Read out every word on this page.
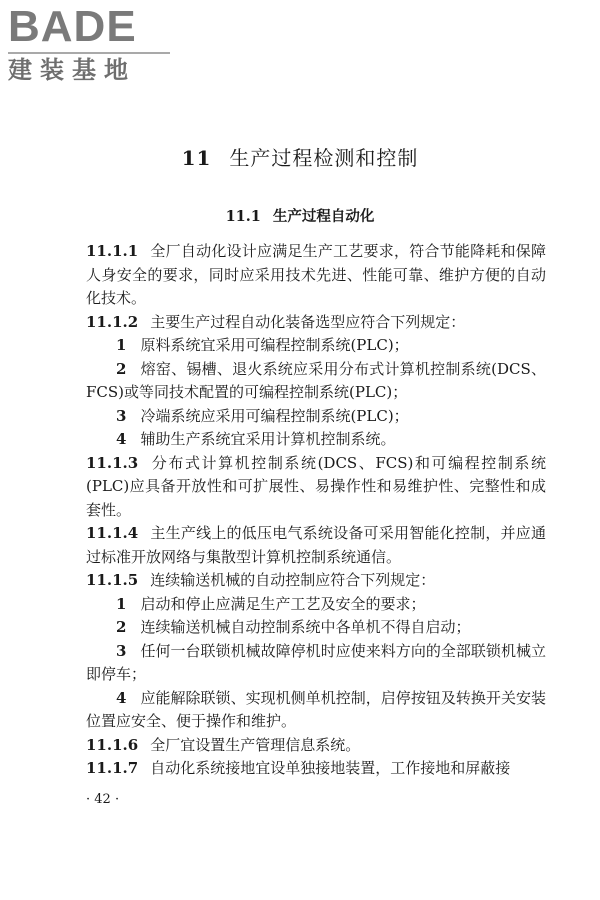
BADE
建装基地
11 生产过程检测和控制
11.1 生产过程自动化

11.1.1 全厂自动化设计应满足生产工艺要求，符合节能降耗和保障人身安全的要求，同时应采用技术先进、性能可靠、维护方便的自动化技术。

11.1.2 主要生产过程自动化装备选型应符合下列规定：

1 原料系统宜采用可编程控制系统(PLC)；

2 熔窑、锡槽、退火系统应采用分布式计算机控制系统(DCS、FCS)或等同技术配置的可编程控制系统(PLC)；

3 冷端系统应采用可编程控制系统(PLC)；

4 辅助生产系统宜采用计算机控制系统。

11.1.3 分布式计算机控制系统(DCS、FCS)和可编程控制系统(PLC)应具备开放性和可扩展性、易操作性和易维护性、完整性和成套性。

11.1.4 主生产线上的低压电气系统设备可采用智能化控制，并应通过标准开放网络与集散型计算机控制系统通信。

11.1.5 连续输送机械的自动控制应符合下列规定：

1 启动和停止应满足生产工艺及安全的要求；

2 连续输送机械自动控制系统中各单机不得自启动；

3 任何一台联锁机械故障停机时应使来料方向的全部联锁机械立即停车；

4 应能解除联锁、实现机侧单机控制，启停按钮及转换开关安装位置应安全、便于操作和维护。

11.1.6 全厂宜设置生产管理信息系统。

11.1.7 自动化系统接地宜设单独接地装置，工作接地和屏蔽接

· 42 ·
